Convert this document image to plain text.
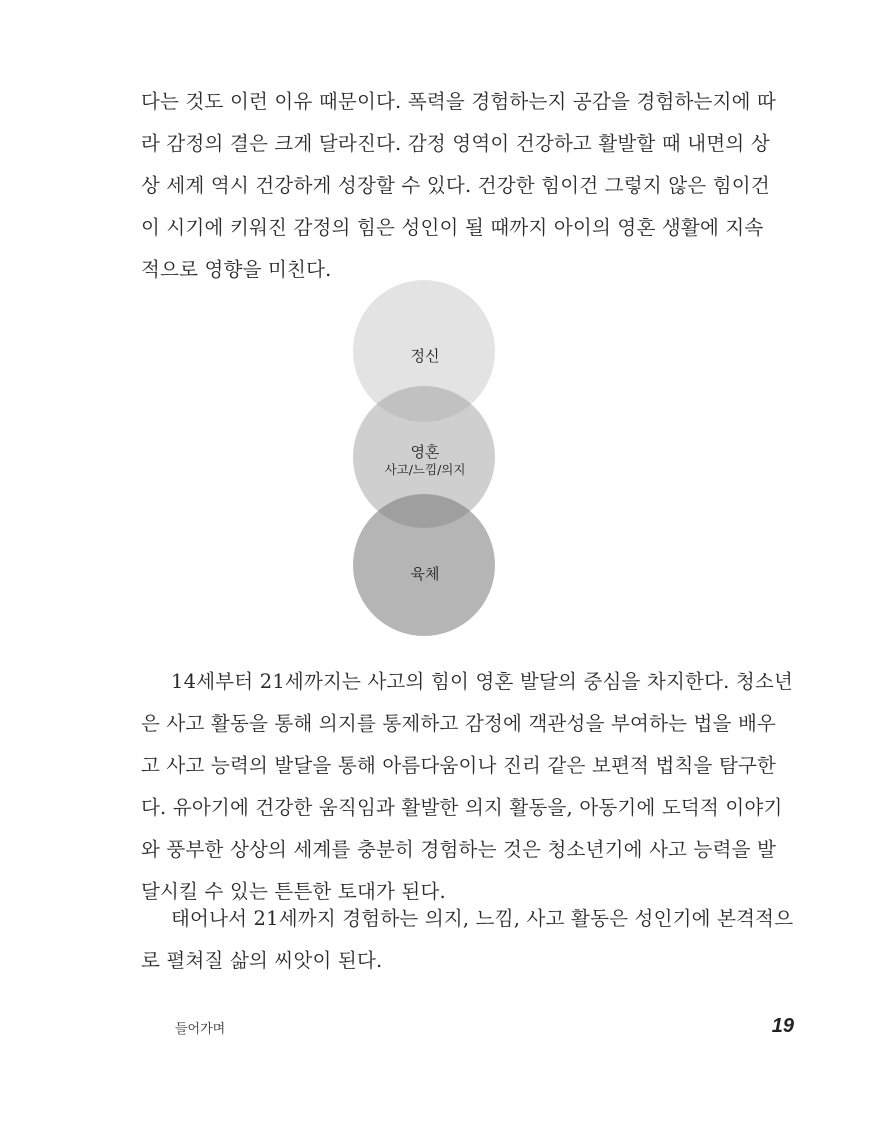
다는 것도 이런 이유 때문이다. 폭력을 경험하는지 공감을 경험하는지에 따
라 감정의 결은 크게 달라진다. 감정 영역이 건강하고 활발할 때 내면의 상
상 세계 역시 건강하게 성장할 수 있다. 건강한 힘이건 그렇지 않은 힘이건
이 시기에 키워진 감정의 힘은 성인이 될 때까지 아이의 영혼 생활에 지속
적으로 영향을 미친다.
정신
영혼
사고/느낌/의지
육체
14세부터 21세까지는 사고의 힘이 영혼 발달의 중심을 차지한다. 청소년
은 사고 활동을 통해 의지를 통제하고 감정에 객관성을 부여하는 법을 배우
고 사고 능력의 발달을 통해 아름다움이나 진리 같은 보편적 법칙을 탐구한
다. 유아기에 건강한 움직임과 활발한 의지 활동을, 아동기에 도덕적 이야기
와 풍부한 상상의 세계를 충분히 경험하는 것은 청소년기에 사고 능력을 발
달시킬 수 있는 튼튼한 토대가 된다.
태어나서 21세까지 경험하는 의지, 느낌, 사고 활동은 성인기에 본격적으
로 펼쳐질 삶의 씨앗이 된다.
들어가며	19
